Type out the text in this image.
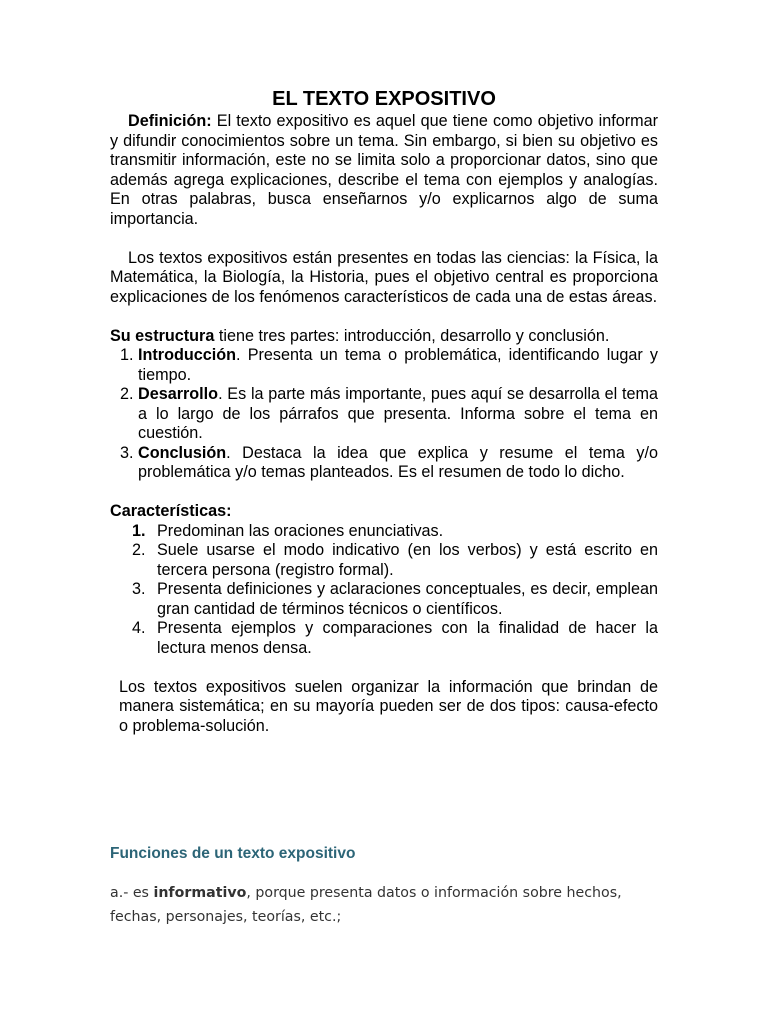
EL TEXTO EXPOSITIVO

Definición: El texto expositivo es aquel que tiene como objetivo informar y difundir conocimientos sobre un tema. Sin embargo, si bien su objetivo es transmitir información, este no se limita solo a proporcionar datos, sino que además agrega explicaciones, describe el tema con ejemplos y analogías. En otras palabras, busca enseñarnos y/o explicarnos algo de suma importancia.

Los textos expositivos están presentes en todas las ciencias: la Física, la Matemática, la Biología, la Historia, pues el objetivo central es proporciona explicaciones de los fenómenos característicos de cada una de estas áreas.

Su estructura tiene tres partes: introducción, desarrollo y conclusión.

1. Introducción. Presenta un tema o problemática, identificando lugar y tiempo.
2. Desarrollo. Es la parte más importante, pues aquí se desarrolla el tema a lo largo de los párrafos que presenta. Informa sobre el tema en cuestión.
3. Conclusión. Destaca la idea que explica y resume el tema y/o problemática y/o temas planteados. Es el resumen de todo lo dicho.

Características:

1. Predominan las oraciones enunciativas.
2. Suele usarse el modo indicativo (en los verbos) y está escrito en tercera persona (registro formal).
3. Presenta definiciones y aclaraciones conceptuales, es decir, emplean gran cantidad de términos técnicos o científicos.
4. Presenta ejemplos y comparaciones con la finalidad de hacer la lectura menos densa.

Los textos expositivos suelen organizar la información que brindan de manera sistemática; en su mayoría pueden ser de dos tipos: causa-efecto o problema-solución.

Funciones de un texto expositivo

a.- es informativo, porque presenta datos o información sobre hechos, fechas, personajes, teorías, etc.;
